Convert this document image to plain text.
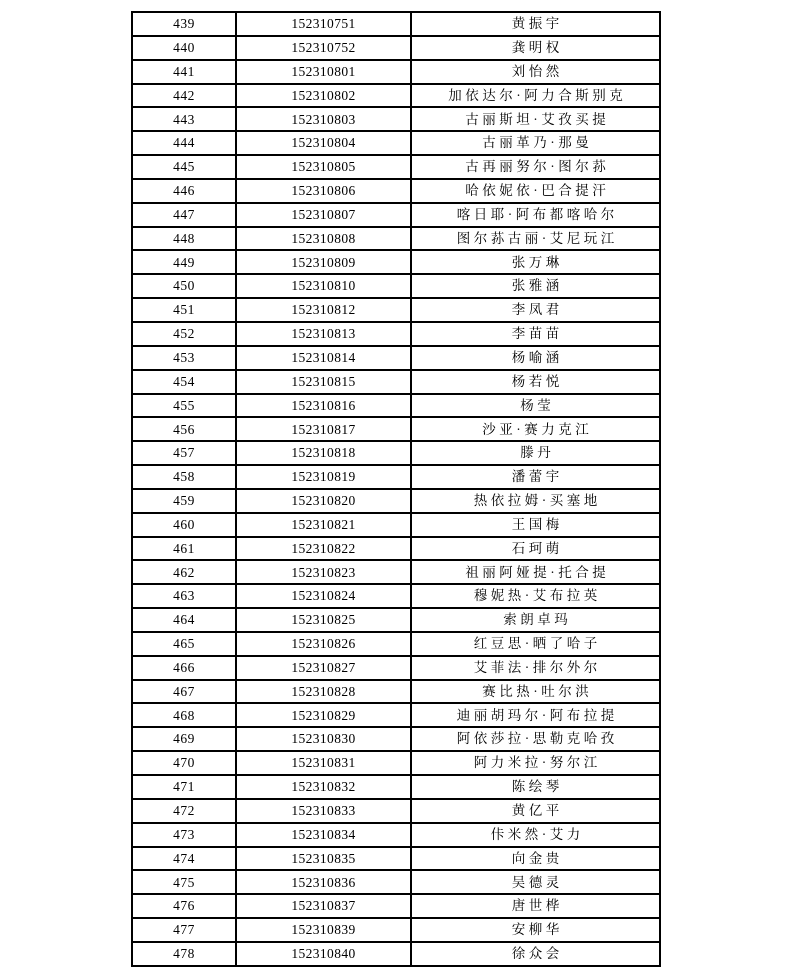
439	152310751	黄振宇
440	152310752	龚明权
441	152310801	刘怡然
442	152310802	加依达尔·阿力合斯别克
443	152310803	古丽斯坦·艾孜买提
444	152310804	古丽革乃·那曼
445	152310805	古再丽努尔·图尔荪
446	152310806	哈依妮依·巴合提汗
447	152310807	喀日耶·阿布都喀哈尔
448	152310808	图尔荪古丽·艾尼玩江
449	152310809	张万琳
450	152310810	张雅涵
451	152310812	李凤君
452	152310813	李苗苗
453	152310814	杨喻涵
454	152310815	杨若悦
455	152310816	杨莹
456	152310817	沙亚·赛力克江
457	152310818	滕丹
458	152310819	潘蕾宇
459	152310820	热依拉姆·买塞地
460	152310821	王国梅
461	152310822	石珂萌
462	152310823	祖丽阿娅提·托合提
463	152310824	穆妮热·艾布拉英
464	152310825	索朗卓玛
465	152310826	红豆思·晒了哈子
466	152310827	艾菲法·排尔外尔
467	152310828	赛比热·吐尔洪
468	152310829	迪丽胡玛尔·阿布拉提
469	152310830	阿依莎拉·思勒克哈孜
470	152310831	阿力米拉·努尔江
471	152310832	陈绘琴
472	152310833	黄亿平
473	152310834	佧米然·艾力
474	152310835	向金贵
475	152310836	吴德灵
476	152310837	唐世桦
477	152310839	安柳华
478	152310840	徐众会
